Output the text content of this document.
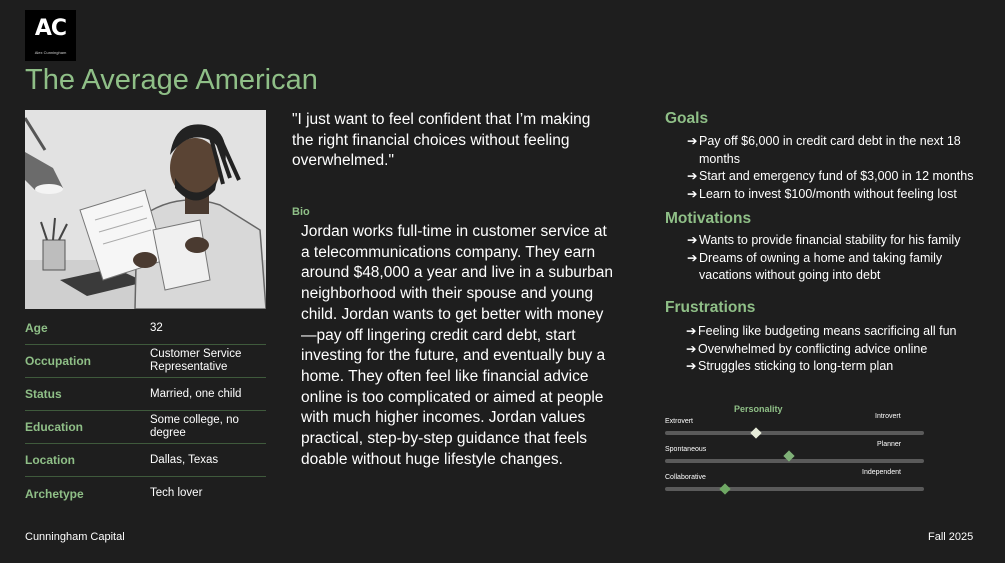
AC
Alex Cunningham
The Average American
Age	32
Occupation	Customer Service Representative
Status	Married, one child
Education	Some college, no degree
Location	Dallas, Texas
Archetype	Tech lover
"I just want to feel confident that I’m making the right financial choices without feeling overwhelmed."
Bio
Jordan works full-time in customer service at a telecommunications company. They earn around $48,000 a year and live in a suburban neighborhood with their spouse and young child. Jordan wants to get better with money—pay off lingering credit card debt, start investing for the future, and eventually buy a home. They often feel like financial advice online is too complicated or aimed at people with much higher incomes. Jordan values practical, step-by-step guidance that feels doable without huge lifestyle changes.
Goals
➔ Pay off $6,000 in credit card debt in the next 18 months
➔ Start and emergency fund of $3,000 in 12 months
➔ Learn to invest $100/month without feeling lost
Motivations
➔ Wants to provide financial stability for his family
➔ Dreams of owning a home and taking family vacations without going into debt
Frustrations
➔ Feeling like budgeting means sacrificing all fun
➔ Overwhelmed by conflicting advice online
➔ Struggles sticking to long-term plan
Personality
Extrovert
Introvert
Spontaneous
Planner
Collaborative
Independent
Cunningham Capital	Fall 2025
